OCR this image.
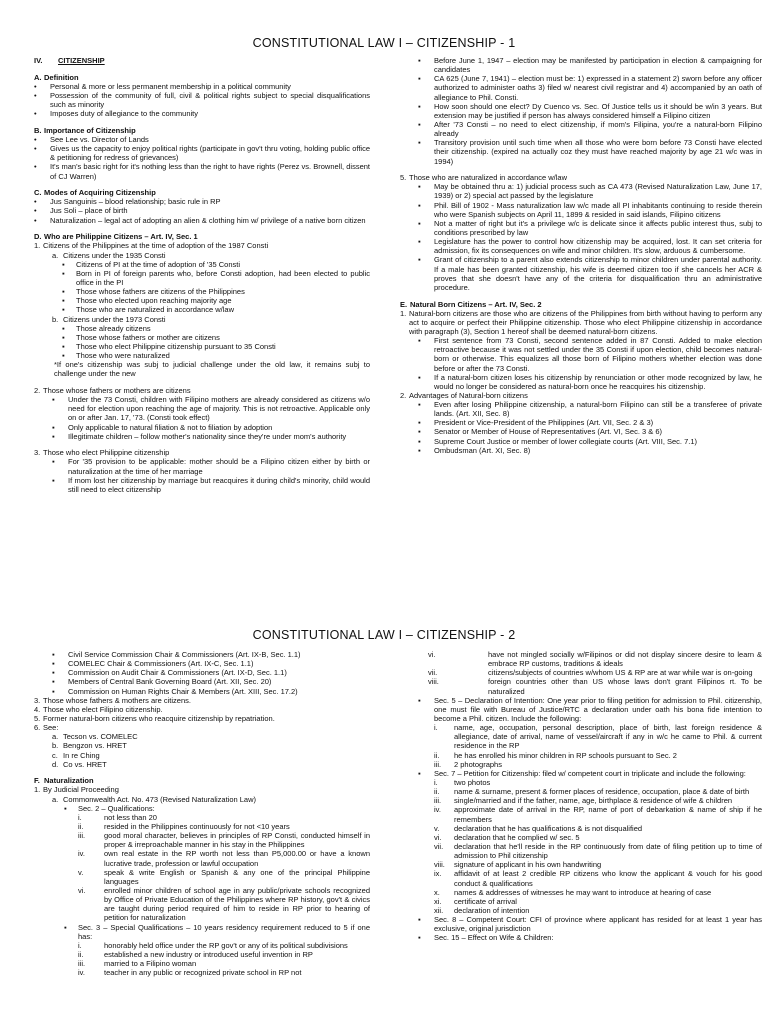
CONSTITUTIONAL LAW I – CITIZENSHIP - 1
IV.	CITIZENSHIP
A. Definition
•	Personal & more or less permanent membership in a political community
•	Possession of the community of full, civil & political rights subject to special disqualifications such as minority
•	Imposes duty of allegiance to the community
B. Importance of Citizenship
•	See Lee vs. Director of Lands
•	Gives us the capacity to enjoy political rights (participate in gov't thru voting, holding public office & petitioning for redress of grievances)
•	It's man's basic right for it's nothing less than the right to have rights (Perez vs. Brownell, dissent of CJ Warren)
C. Modes of Acquiring Citizenship
•	Jus Sanguinis – blood relationship; basic rule in RP
•	Jus Soli – place of birth
•	Naturalization – legal act of adopting an alien & clothing him w/ privilege of a native born citizen
D. Who are Philippine Citizens – Art. IV, Sec. 1
1. Citizens of the Philippines at the time of adoption of the 1987 Consti
a. Citizens under the 1935 Consti
▪	Citizens of PI at the time of adoption of '35 Consti
▪	Born in PI of foreign parents who, before Consti adoption, had been elected to public office in the PI
▪	Those whose fathers are citizens of the Philippines
▪	Those who elected upon reaching majority age
▪	Those who are naturalized in accordance w/law
b. Citizens under the 1973 Consti
▪	Those already citizens
▪	Those whose fathers or mother are citizens
▪	Those who elect Philippine citizenship pursuant to 35 Consti
▪	Those who were naturalized
*If one's citizenship was subj to judicial challenge under the old law, it remains subj to challenge under the new
2. Those whose fathers or mothers are citizens
▪	Under the 73 Consti, children with Filipino mothers are already considered as citizens w/o need for election upon reaching the age of majority. This is not retroactive. Applicable only on or after Jan. 17, '73. (Consti took effect)
▪	Only applicable to natural filiation & not to filiation by adoption
▪	Illegitimate children – follow mother's nationality since they're under mom's authority
3. Those who elect Philippine citizenship
▪	For '35 provision to be applicable: mother should be a Filipino citizen either by birth or naturalization at the time of her marriage
▪	If mom lost her citizenship by marriage but reacquires it during child's minority, child would still need to elect citizenship
▪	Before June 1, 1947 – election may be manifested by participation in election & campaigning for candidates
▪	CA 625 (June 7, 1941) – election must be: 1) expressed in a statement 2) sworn before any officer authorized to administer oaths 3) filed w/ nearest civil registrar and 4) accompanied by an oath of allegiance to Phil. Consti.
▪	How soon should one elect? Dy Cuenco vs. Sec. Of Justice tells us it should be w/in 3 years. But extension may be justified if person has always considered himself a Filipino citizen
▪	After '73 Consti – no need to elect citizenship, if mom's Filipina, you're a natural-born Filipino already
▪	Transitory provision until such time when all those who were born before 73 Consti have elected their citizenship. (expired na actually coz they must have reached majority by age 21 w/c was in 1994)
5. Those who are naturalized in accordance w/law
▪	May be obtained thru a: 1) judicial process such as CA 473 (Revised Naturalization Law, June 17, 1939) or 2) special act passed by the legislature
▪	Phil. Bill of 1902 - Mass naturalization law w/c made all PI inhabitants continuing to reside therein who were Spanish subjects on April 11, 1899 & resided in said islands, Filipino citizens
▪	Not a matter of right but it's a privilege w/c is delicate since it affects public interest thus, subj to conditions prescribed by law
▪	Legislature has the power to control how citizenship may be acquired, lost. It can set criteria for admission, fix its consequences on wife and minor children. It's slow, arduous & cumbersome.
▪	Grant of citizenship to a parent also extends citizenship to minor children under parental authority. If a male has been granted citizenship, his wife is deemed citizen too if she cancels her ACR & proves that she doesn't have any of the criteria for disqualification thru an administrative procedure.
E. Natural Born Citizens – Art. IV, Sec. 2
1. Natural-born citizens are those who are citizens of the Philippines from birth without having to perform any act to acquire or perfect their Philippine citizenship. Those who elect Philippine citizenship in accordance with paragraph (3), Section 1 hereof shall be deemed natural-born citizens.
▪	First sentence from 73 Consti, second sentence added in 87 Consti. Added to make election retroactive because it was not settled under the 35 Consti if upon election, child becomes natural-born or otherwise. This equalizes all those born of Filipino mothers whether election was done before or after the 73 Consti.
▪	If a natural-born citizen loses his citizenship by renunciation or other mode recognized by law, he would no longer be considered as natural-born once he reacquires his citizenship.
2. Advantages of Natural-born citizens
▪	Even after losing Philippine citizenship, a natural-born Filipino can still be a transferee of private lands. (Art. XII, Sec. 8)
▪	President or Vice-President of the Philippines (Art. VII, Sec. 2 & 3)
▪	Senator or Member of House of Representatives (Art. VI, Sec. 3 & 6)
▪	Supreme Court Justice or member of lower collegiate courts (Art. VIII, Sec. 7.1)
▪	Ombudsman (Art. XI, Sec. 8)
CONSTITUTIONAL LAW I – CITIZENSHIP - 2
▪	Civil Service Commission Chair & Commissioners (Art. IX-B, Sec. 1.1)
▪	COMELEC Chair & Commissioners (Art. IX-C, Sec. 1.1)
▪	Commission on Audit Chair & Commissioners (Art. IX-D, Sec. 1.1)
▪	Members of Central Bank Governing Board (Art. XII, Sec. 20)
▪	Commission on Human Rights Chair & Members (Art. XIII, Sec. 17.2)
3. Those whose fathers & mothers are citizens.
4. Those who elect Filipino citizenship.
5. Former natural-born citizens who reacquire citizenship by repatriation.
6. See:
a. Tecson vs. COMELEC
b. Bengzon vs. HRET
c. In re Ching
d. Co vs. HRET
F. Naturalization
1. By Judicial Proceeding
a. Commonwealth Act. No. 473 (Revised Naturalization Law)
▪	Sec. 2 – Qualifications:
i.	not less than 20
ii.	resided in the Philippines continuously for not <10 years
iii.	good moral character, believes in principles of RP Consti, conducted himself in proper & irreproachable manner in his stay in the Philippines
iv.	own real estate in the RP worth not less than P5,000.00 or have a known lucrative trade, profession or lawful occupation
v.	speak & write English or Spanish & any one of the principal Philippine languages
vi.	enrolled minor children of school age in any public/private schools recognized by Office of Private Education of the Philippines where RP history, gov't & civics are taught during period required of him to reside in RP prior to hearing of petition for naturalization
▪	Sec. 3 – Special Qualifications – 10 years residency requirement reduced to 5 if one has:
i.	honorably held office under the RP gov't or any of its political subdivisions
ii.	established a new industry or introduced useful invention in RP
iii.	married to a Filipino woman
iv.	teacher in any public or recognized private school in RP not
vi.	have not mingled socially w/Filipinos or did not display sincere desire to learn & embrace RP customs, traditions & ideals
vii.	citizens/subjects of countries w/whom US & RP are at war while war is on-going
viii.	foreign countries other than US whose laws don't grant Filipinos rt. To be naturalized
▪	Sec. 5 – Declaration of Intention: One year prior to filing petition for admission to Phil. citizenship, one must file with Bureau of Justice/RTC a declaration under oath his bona fide intention to become a Phil. citizen. Include the following:
i.	name, age, occupation, personal description, place of birth, last foreign residence & allegiance, date of arrival, name of vessel/aircraft if any in w/c he came to Phil. & current residence in the RP
ii.	he has enrolled his minor children in RP schools pursuant to Sec. 2
iii.	2 photographs
▪	Sec. 7 – Petition for Citizenship: filed w/ competent court in triplicate and include the following:
i.	two photos
ii.	name & surname, present & former places of residence, occupation, place & date of birth
iii.	single/married and if the father, name, age, birthplace & residence of wife & children
iv.	approximate date of arrival in the RP, name of port of debarkation & name of ship if he remembers
v.	declaration that he has qualifications & is not disqualified
vi.	declaration that he complied w/ sec. 5
vii.	declaration that he'll reside in the RP continuously from date of filing petition up to time of admission to Phil citizenship
viii.	signature of applicant in his own handwriting
ix.	affidavit of at least 2 credible RP citizens who know the applicant & vouch for his good conduct & qualifications
x.	names & addresses of witnesses he may want to introduce at hearing of case
xi.	certificate of arrival
xii.	declaration of intention
▪	Sec. 8 – Competent Court: CFI of province where applicant has resided for at least 1 year has exclusive, original jurisdiction
▪	Sec. 15 – Effect on Wife & Children:
